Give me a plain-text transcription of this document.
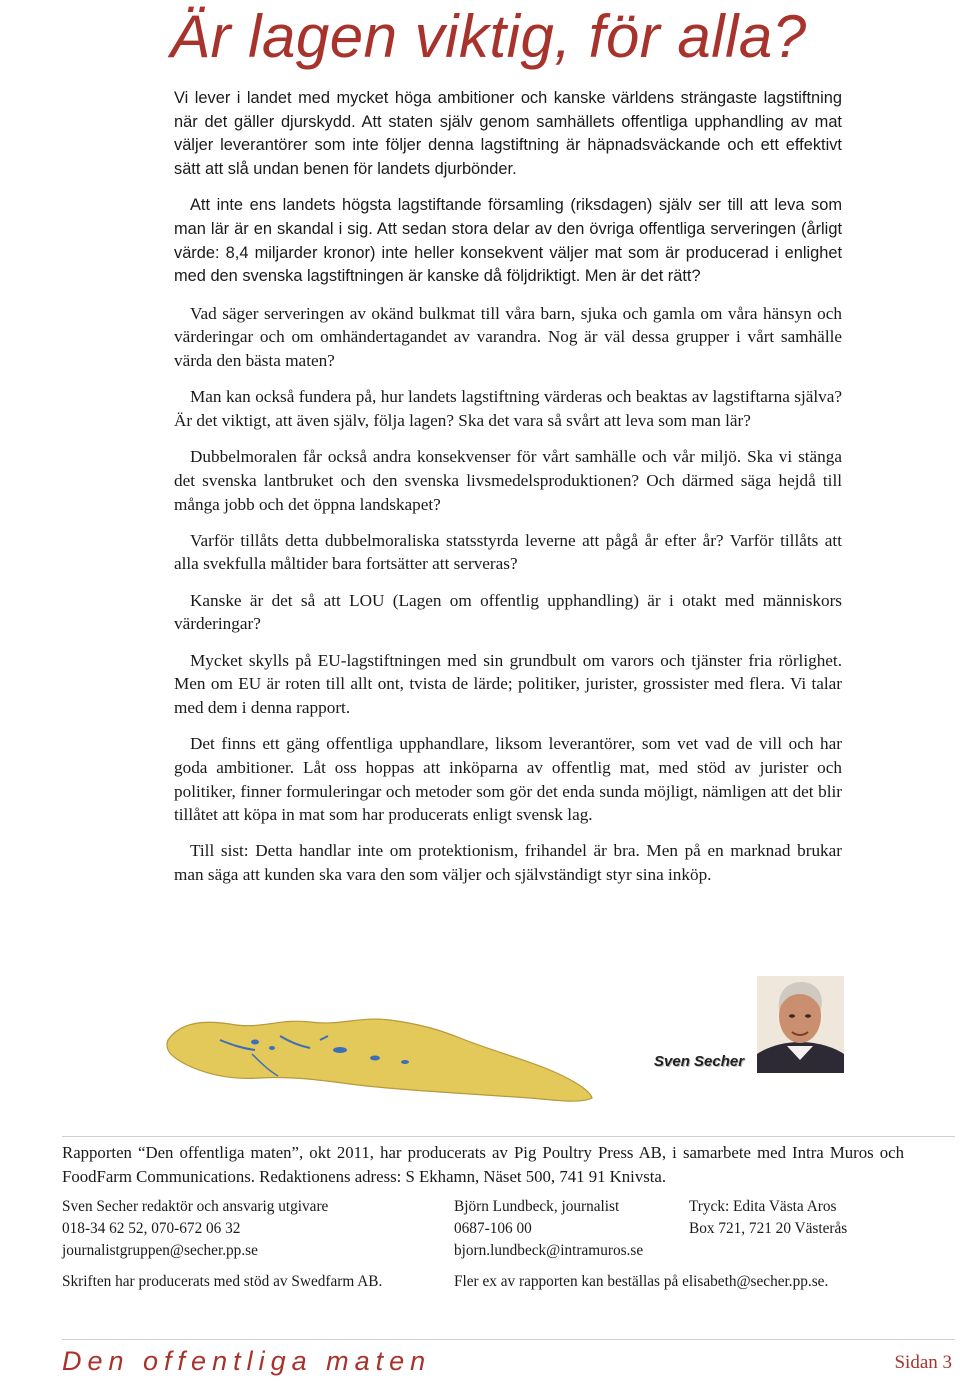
Är lagen viktig, för alla?

Vi lever i landet med mycket höga ambitioner och kanske världens strängaste lagstiftning när det gäller djurskydd. Att staten själv genom samhällets offentliga upphandling av mat väljer leverantörer som inte följer denna lagstiftning är häpnadsväckande och ett effektivt sätt att slå undan benen för landets djurbönder.

Att inte ens landets högsta lagstiftande församling (riksdagen) själv ser till att leva som man lär är en skandal i sig. Att sedan stora delar av den övriga offentliga serveringen (årligt värde: 8,4 miljarder kronor) inte heller konsekvent väljer mat som är producerad i enlighet med den svenska lagstiftningen är kanske då följdriktigt. Men är det rätt?

Vad säger serveringen av okänd bulkmat till våra barn, sjuka och gamla om våra hänsyn och värderingar och om omhändertagandet av varandra. Nog är väl dessa grupper i vårt samhälle värda den bästa maten?

Man kan också fundera på, hur landets lagstiftning värderas och beaktas av lagstiftarna själva? Är det viktigt, att även själv, följa lagen? Ska det vara så svårt att leva som man lär?

Dubbelmoralen får också andra konsekvenser för vårt samhälle och vår miljö. Ska vi stänga det svenska lantbruket och den svenska livsmedelsproduktionen? Och därmed säga hejdå till många jobb och det öppna landskapet?

Varför tillåts detta dubbelmoraliska statsstyrda leverne att pågå år efter år? Varför tillåts att alla svekfulla måltider bara fortsätter att serveras?

Kanske är det så att LOU (Lagen om offentlig upphandling) är i otakt med människors värderingar?

Mycket skylls på EU-lagstiftningen med sin grundbult om varors och tjänster fria rörlighet. Men om EU är roten till allt ont, tvista de lärde; politiker, jurister, grossister med flera. Vi talar med dem i denna rapport.

Det finns ett gäng offentliga upphandlare, liksom leverantörer, som vet vad de vill och har goda ambitioner. Låt oss hoppas att inköparna av offentlig mat, med stöd av jurister och politiker, finner formuleringar och metoder som gör det enda sunda möjligt, nämligen att det blir tillåtet att köpa in mat som har producerats enligt svensk lag.

Till sist: Detta handlar inte om protektionism, frihandel är bra. Men på en marknad brukar man säga att kunden ska vara den som väljer och självständigt styr sina inköp.

Sven Secher

Rapporten “Den offentliga maten”, okt 2011, har producerats av Pig Poultry Press AB, i samarbete med Intra Muros och FoodFarm Communications. Redaktionens adress: S Ekhamn, Näset 500, 741 91 Knivsta.

Sven Secher redaktör och ansvarig utgivare
018-34 62 52, 070-672 06 32
journalistgruppen@secher.pp.se
Björn Lundbeck, journalist
0687-106 00
bjorn.lundbeck@intramuros.se
Tryck: Edita Västa Aros
Box 721, 721 20 Västerås
Skriften har producerats med stöd av Swedfarm AB.	Fler ex av rapporten kan beställas på elisabeth@secher.pp.se.
Den offentliga maten	Sidan 3
